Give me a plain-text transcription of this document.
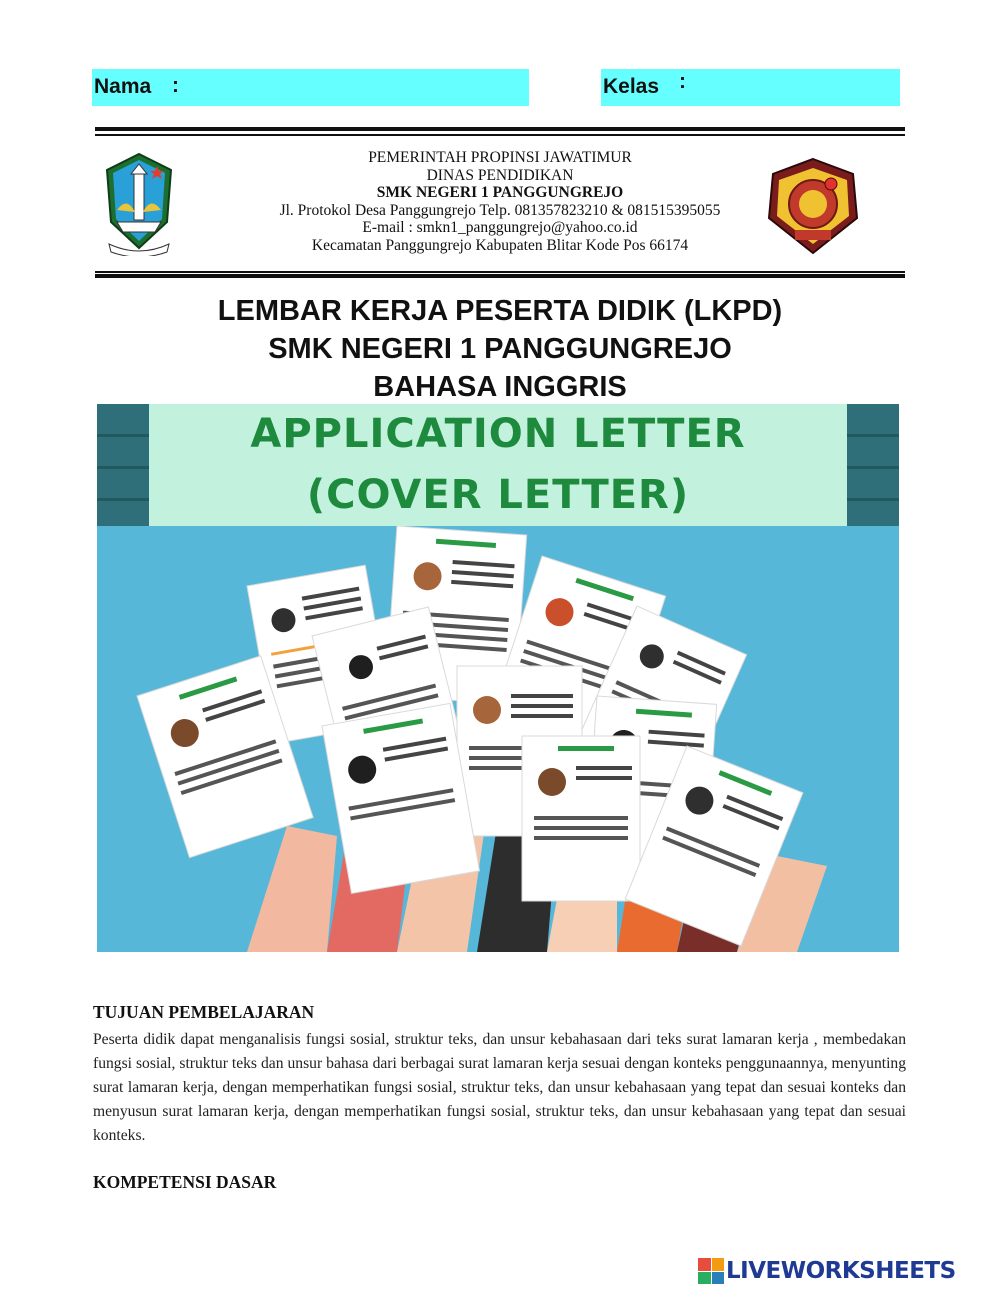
Nama :	Kelas :
PEMERINTAH PROPINSI JAWATIMUR
DINAS PENDIDIKAN
SMK NEGERI 1 PANGGUNGREJO
Jl. Protokol Desa Panggungrejo Telp. 081357823210 & 081515395055
E-mail : smkn1_panggungrejo@yahoo.co.id
Kecamatan Panggungrejo Kabupaten Blitar Kode Pos 66174
LEMBAR KERJA PESERTA DIDIK (LKPD)
SMK NEGERI 1 PANGGUNGREJO
BAHASA INGGRIS
APPLICATION LETTER
(COVER LETTER)
TUJUAN PEMBELAJARAN
Peserta didik dapat menganalisis fungsi sosial, struktur teks, dan unsur kebahasaan dari teks surat lamaran kerja , membedakan fungsi sosial, struktur teks dan unsur bahasa dari berbagai surat lamaran kerja sesuai dengan konteks penggunaannya, menyunting surat lamaran kerja, dengan memperhatikan fungsi sosial, struktur teks, dan unsur kebahasaan yang tepat dan sesuai konteks dan menyusun surat lamaran kerja, dengan memperhatikan fungsi sosial, struktur teks, dan unsur kebahasaan yang tepat dan sesuai konteks.
KOMPETENSI DASAR
LIVEWORKSHEETS
